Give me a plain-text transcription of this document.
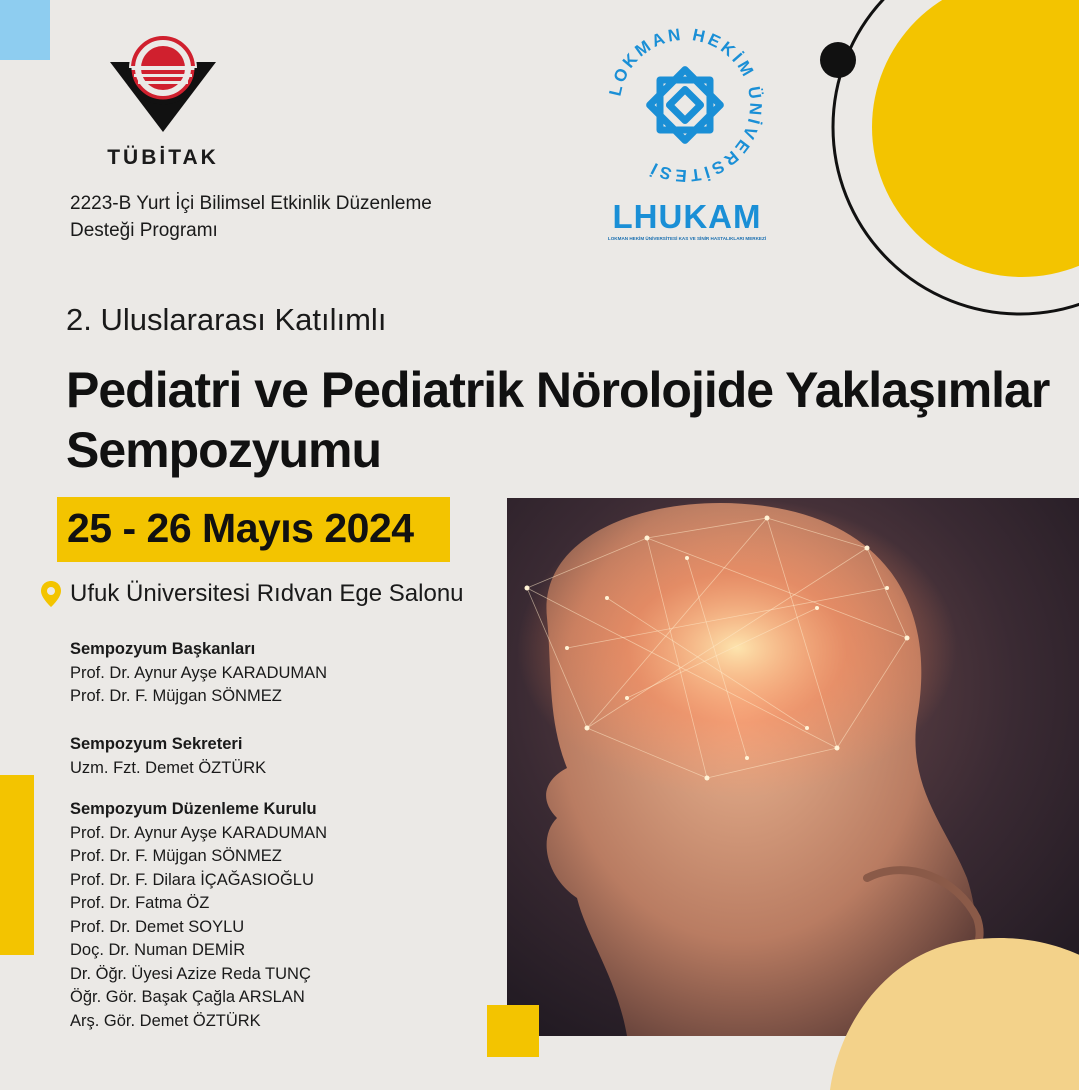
TÜBİTAK
2223-B Yurt İçi Bilimsel Etkinlik Düzenleme
Desteği Programı
LOKMAN HEKİM ÜNİVERSİTESİ
LHUKAM
LOKMAN HEKİM ÜNİVERSİTESİ KAS VE SİNİR HASTALIKLARI MERKEZİ
2. Uluslararası Katılımlı
Pediatri ve Pediatrik Nörolojide Yaklaşımlar
Sempozyumu
25 - 26 Mayıs 2024
Ufuk Üniversitesi Rıdvan Ege Salonu
Sempozyum Başkanları
Prof. Dr. Aynur Ayşe KARADUMAN
Prof. Dr. F. Müjgan SÖNMEZ
Sempozyum Sekreteri
Uzm. Fzt. Demet ÖZTÜRK
Sempozyum Düzenleme Kurulu
Prof. Dr. Aynur Ayşe KARADUMAN
Prof. Dr. F. Müjgan SÖNMEZ
Prof. Dr. F. Dilara İÇAĞASIOĞLU
Prof. Dr. Fatma ÖZ
Prof. Dr. Demet SOYLU
Doç. Dr. Numan DEMİR
Dr. Öğr. Üyesi Azize Reda TUNÇ
Öğr. Gör. Başak Çağla ARSLAN
Arş. Gör. Demet ÖZTÜRK
